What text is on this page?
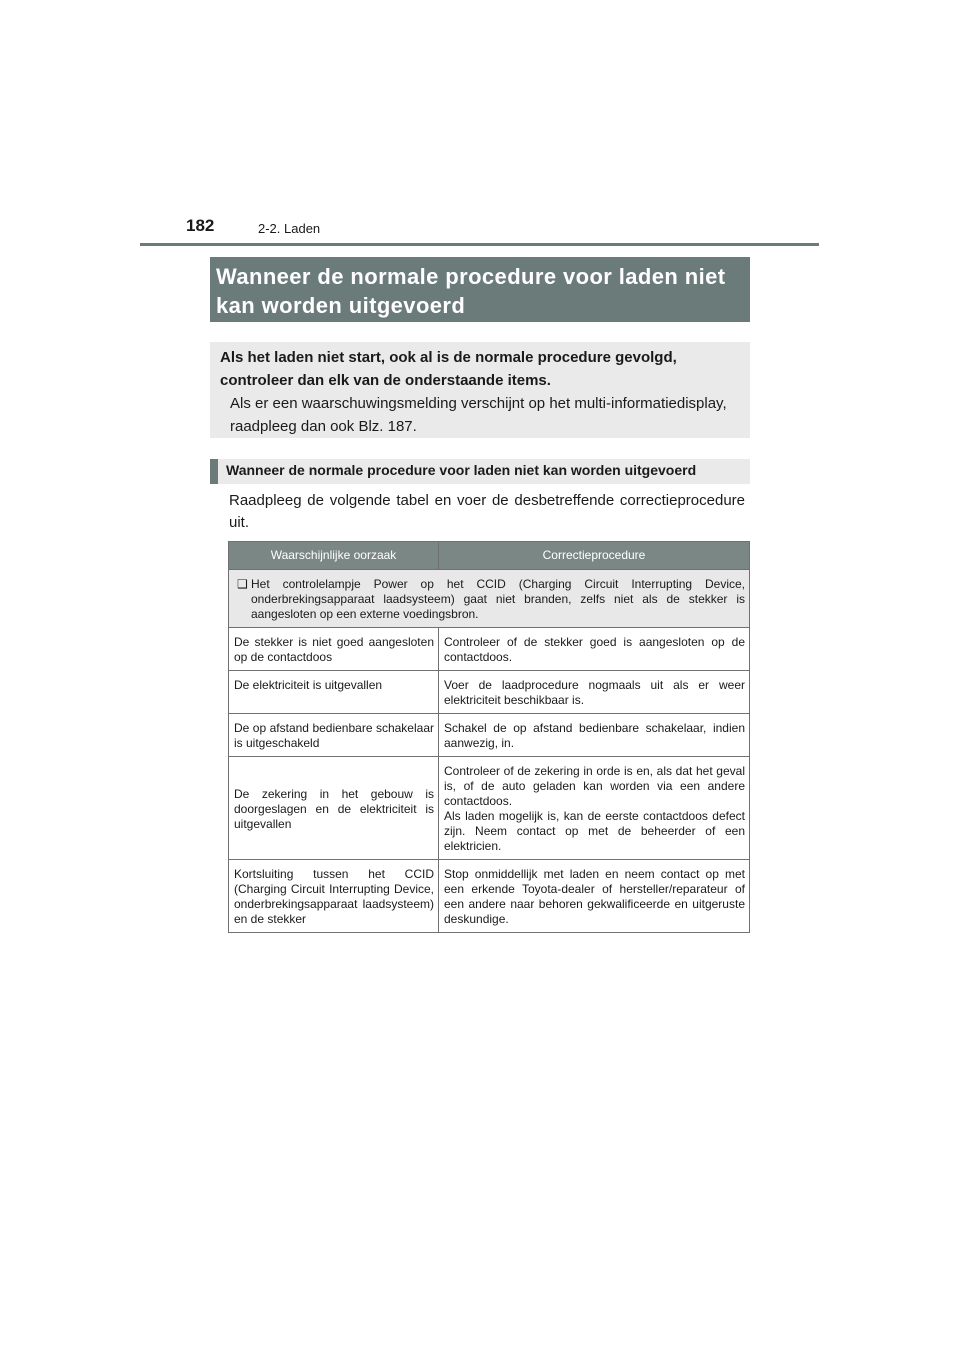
182	2-2. Laden
Wanneer de normale procedure voor laden niet kan worden uitgevoerd
Als het laden niet start, ook al is de normale procedure gevolgd, controleer dan elk van de onderstaande items.
Als er een waarschuwingsmelding verschijnt op het multi-informatiedisplay, raadpleeg dan ook Blz. 187.
Wanneer de normale procedure voor laden niet kan worden uitgevoerd
Raadpleeg de volgende tabel en voer de desbetreffende correctieprocedure uit.
Waarschijnlijke oorzaak	Correctieprocedure

❑ Het controlelampje Power op het CCID (Charging Circuit Interrupting Device, onderbrekingsapparaat laadsysteem) gaat niet branden, zelfs niet als de stekker is aangesloten op een externe voedingsbron.	

De stekker is niet goed aangesloten op de contactdoos	Controleer of de stekker goed is aangesloten op de contactdoos.
De elektriciteit is uitgevallen	Voer de laadprocedure nogmaals uit als er weer elektriciteit beschikbaar is.
De op afstand bedienbare schakelaar is uitgeschakeld	Schakel de op afstand bedienbare schakelaar, indien aanwezig, in.
De zekering in het gebouw is doorgeslagen en de elektriciteit is uitgevallen	Controleer of de zekering in orde is en, als dat het geval is, of de auto geladen kan worden via een andere contactdoos.
Als laden mogelijk is, kan de eerste contactdoos defect zijn. Neem contact op met de beheerder of een elektricien.

Kortsluiting tussen het CCID (Charging Circuit Interrupting Device, onderbrekingsapparaat laadsysteem) en de stekker	Stop onmiddellijk met laden en neem contact op met een erkende Toyota-dealer of hersteller/reparateur of een andere naar behoren gekwalificeerde en uitgeruste deskundige.
